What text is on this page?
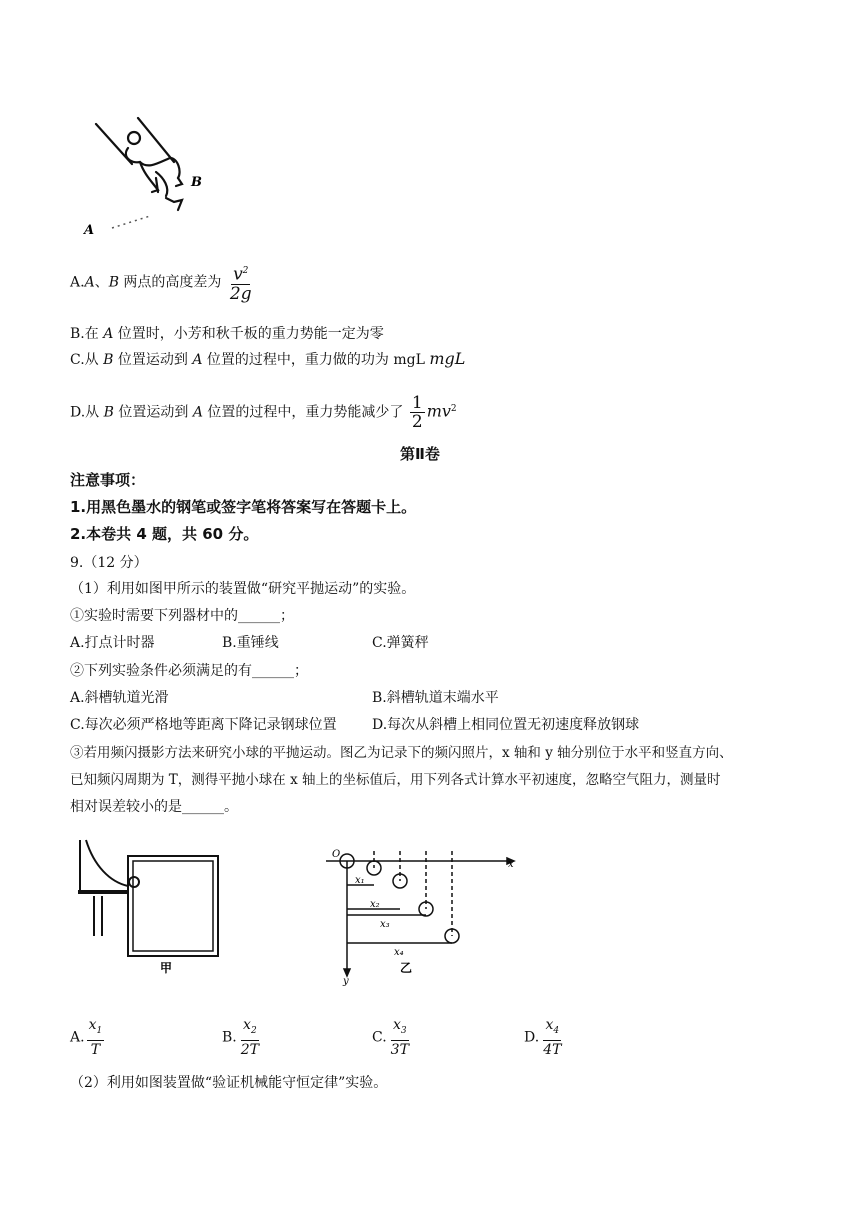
B
A
A.A、B 两点的高度差为 $\frac{v^2}{2g}$
B.在 A 位置时，小芳和秋千板的重力势能一定为零
C.从 B 位置运动到 A 位置的过程中，重力做的功为 mgL mgL
D.从 B 位置运动到 A 位置的过程中，重力势能减少了 $\frac{1}{2} mv^2$
第Ⅱ卷
注意事项：
1.用黑色墨水的钢笔或签字笔将答案写在答题卡上。
2.本卷共 4 题，共 60 分。
9.（12 分）
（1）利用如图甲所示的装置做“研究平抛运动”的实验。
①实验时需要下列器材中的______；
A.打点计时器	B.重锤线	C.弹簧秤
②下列实验条件必须满足的有______；
A.斜槽轨道光滑	B.斜槽轨道末端水平
C.每次必须严格地等距离下降记录钢球位置	D.每次从斜槽上相同位置无初速度释放钢球
③若用频闪摄影方法来研究小球的平抛运动。图乙为记录下的频闪照片，x 轴和 y 轴分别位于水平和竖直方向、
已知频闪周期为 T，测得平抛小球在 x 轴上的坐标值后，用下列各式计算水平初速度，忽略空气阻力，测量时
相对误差较小的是______。
甲
O
x
y
x₁
x₂
x₃
x₄
乙
A. $\frac{x_1}{T}$	B. $\frac{x_2}{2T}$	C. $\frac{x_3}{3T}$	D. $\frac{x_4}{4T}$
（2）利用如图装置做“验证机械能守恒定律”实验。
